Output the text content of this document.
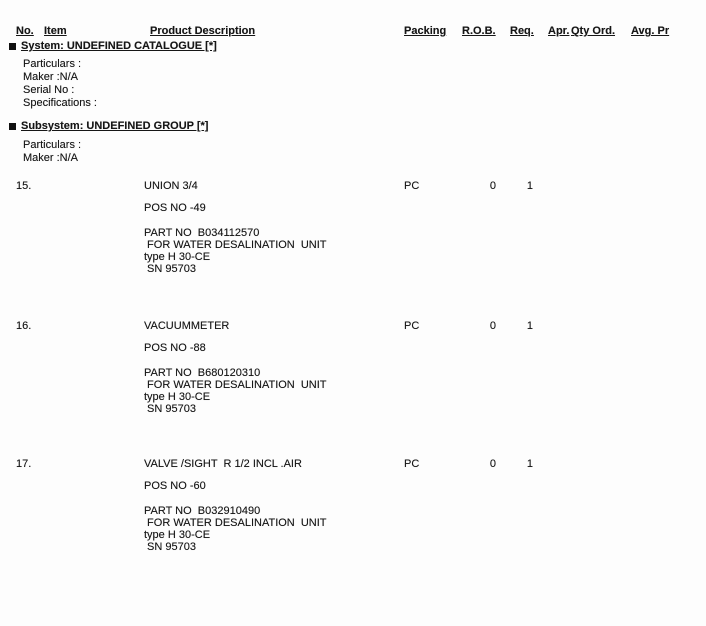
No. Item	Product Description	Packing R.O.B. Req. Apr. Qty Ord. Avg. Pr
System: UNDEFINED CATALOGUE [*]
Particulars :
Maker :N/A
Serial No :
Specifications :
Subsystem: UNDEFINED GROUP [*]
Particulars :
Maker :N/A
15.	UNION 3/4	PC	0	1
POS NO -49
PART NO  B034112570
FOR WATER DESALINATION  UNIT
type H 30-CE
SN 95703
16.	VACUUMMETER	PC	0	1
POS NO -88
PART NO  B680120310
FOR WATER DESALINATION  UNIT
type H 30-CE
SN 95703
17.	VALVE /SIGHT  R 1/2 INCL .AIR	PC	0	1
POS NO -60
PART NO  B032910490
FOR WATER DESALINATION  UNIT
type H 30-CE
SN 95703
